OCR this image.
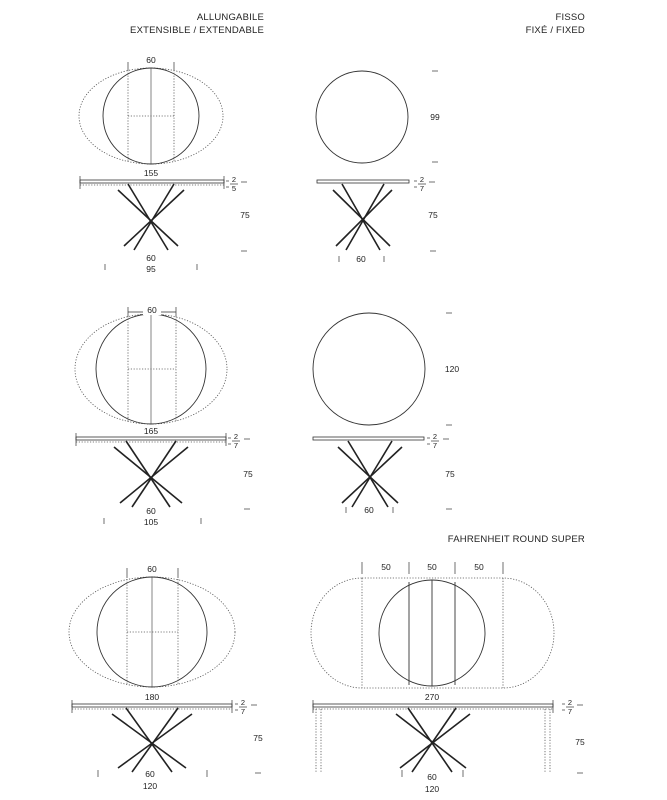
ALLUNGABILE
EXTENSIBLE / EXTENDABLE
FISSO
FIXÉ / FIXED
FAHRENHEIT ROUND SUPER
60
155
60
95
2
5
75
99
2
7
75
60
60
165
60
105
2
7
75
120
2
7
75
60
60
180
60
120
2
7
75
50	50	50
270
60
120
2
7
75
